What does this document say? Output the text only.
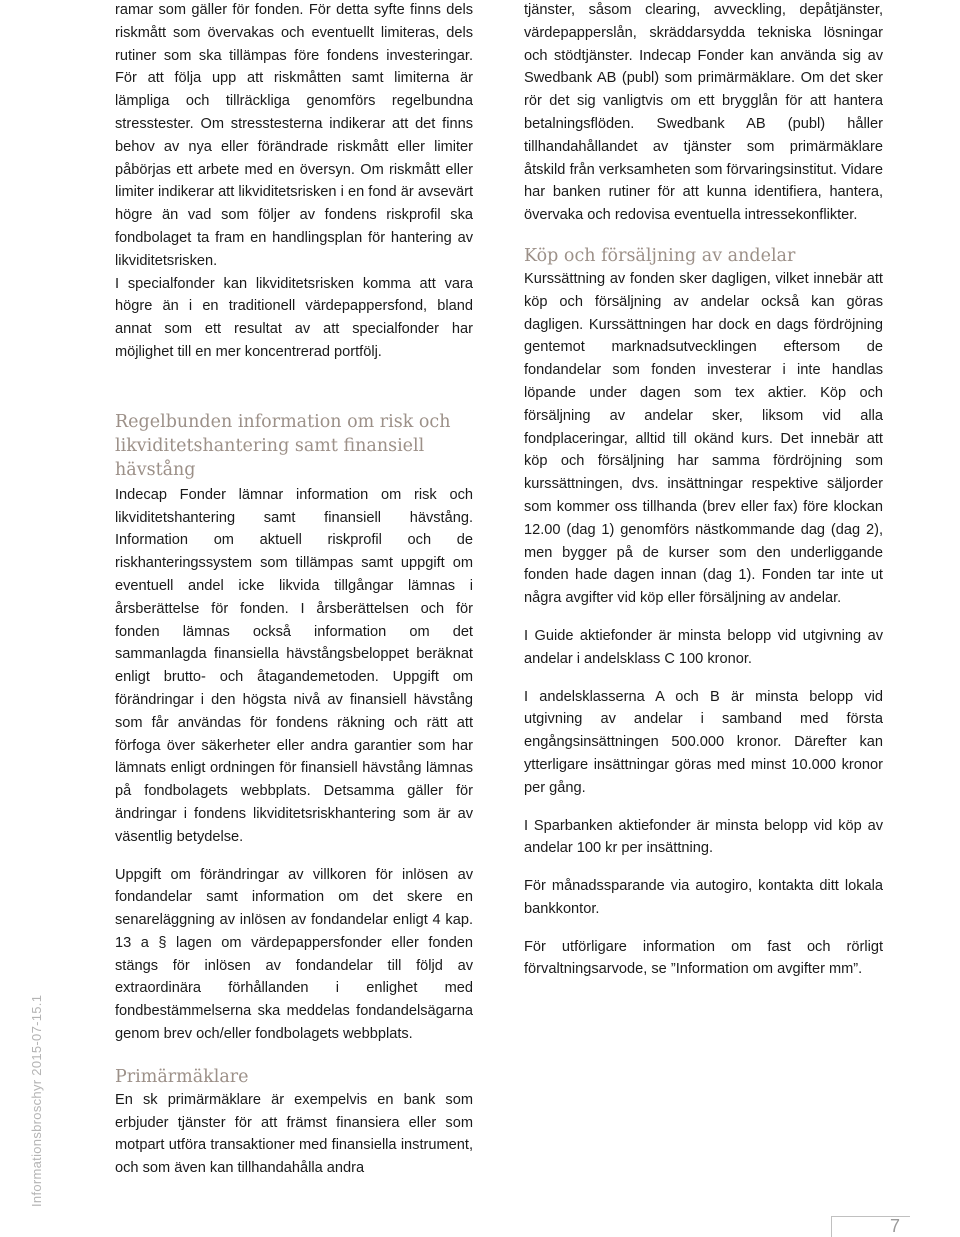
ramar som gäller för fonden. För detta syfte finns dels riskmått som övervakas och eventuellt limiteras, dels rutiner som ska tillämpas före fondens investeringar. För att följa upp att riskmåtten samt limiterna är lämpliga och tillräckliga genomförs regelbundna stresstester. Om stresstesterna indikerar att det finns behov av nya eller förändrade riskmått eller limiter påbörjas ett arbete med en översyn. Om riskmått eller limiter indikerar att likviditetsrisken i en fond är avsevärt högre än vad som följer av fondens riskprofil ska fondbolaget ta fram en handlingsplan för hantering av likviditetsrisken.

I specialfonder kan likviditetsrisken komma att vara högre än i en traditionell värdepappersfond, bland annat som ett resultat av att specialfonder har möjlighet till en mer koncentrerad portfölj.

Regelbunden information om risk och likviditetshantering samt finansiell hävstång

Indecap Fonder lämnar information om risk och likviditetshantering samt finansiell hävstång. Information om aktuell riskprofil och de riskhanteringssystem som tillämpas samt uppgift om eventuell andel icke likvida tillgångar lämnas i årsberättelse för fonden. I årsberättelsen och för fonden lämnas också information om det sammanlagda finansiella hävstångsbeloppet beräknat enligt brutto- och åtagandemetoden. Uppgift om förändringar i den högsta nivå av finansiell hävstång som får användas för fondens räkning och rätt att förfoga över säkerheter eller andra garantier som har lämnats enligt ordningen för finansiell hävstång lämnas på fondbolagets webbplats. Detsamma gäller för ändringar i fondens likviditetsriskhantering som är av väsentlig betydelse.

Uppgift om förändringar av villkoren för inlösen av fondandelar samt information om det skere en senareläggning av inlösen av fondandelar enligt 4 kap. 13 a § lagen om värdepappersfonder eller fonden stängs för inlösen av fondandelar till följd av extraordinära förhållanden i enlighet med fondbestämmelserna ska meddelas fondandelsägarna genom brev och/eller fondbolagets webbplats.

Primärmäklare

En sk primärmäklare är exempelvis en bank som erbjuder tjänster för att främst finansiera eller som motpart utföra transaktioner med finansiella instrument, och som även kan tillhandahålla andra

tjänster, såsom clearing, avveckling, depåtjänster, värdepapperslån, skräddarsydda tekniska lösningar och stödtjänster. Indecap Fonder kan använda sig av Swedbank AB (publ) som primärmäklare. Om det sker rör det sig vanligtvis om ett brygglån för att hantera betalningsflöden. Swedbank AB (publ) håller tillhandahållandet av tjänster som primärmäklare åtskild från verksamheten som förvaringsinstitut. Vidare har banken rutiner för att kunna identifiera, hantera, övervaka och redovisa eventuella intressekonflikter.

Köp och försäljning av andelar

Kurssättning av fonden sker dagligen, vilket innebär att köp och försäljning av andelar också kan göras dagligen. Kurssättningen har dock en dags fördröjning gentemot marknadsutvecklingen eftersom de fondandelar som fonden investerar i inte handlas löpande under dagen som tex aktier. Köp och försäljning av andelar sker, liksom vid alla fondplaceringar, alltid till okänd kurs. Det innebär att köp och försäljning har samma fördröjning som kurssättningen, dvs. insättningar respektive säljorder som kommer oss tillhanda (brev eller fax) före klockan 12.00 (dag 1) genomförs nästkommande dag (dag 2), men bygger på de kurser som den underliggande fonden hade dagen innan (dag 1). Fonden tar inte ut några avgifter vid köp eller försäljning av andelar.

I Guide aktiefonder är minsta belopp vid utgivning av andelar i andelsklass C 100 kronor.

I andelsklasserna A och B är minsta belopp vid utgivning av andelar i samband med första engångsinsättningen 500.000 kronor. Därefter kan ytterligare insättningar göras med minst 10.000 kronor per gång.

I Sparbanken aktiefonder är minsta belopp vid köp av andelar 100 kr per insättning.

För månadssparande via autogiro, kontakta ditt lokala bankkontor.

För utförligare information om fast och rörligt förvaltningsarvode, se ”Information om avgifter mm”.

Informationsbroschyr 2015-07-15.1
7
